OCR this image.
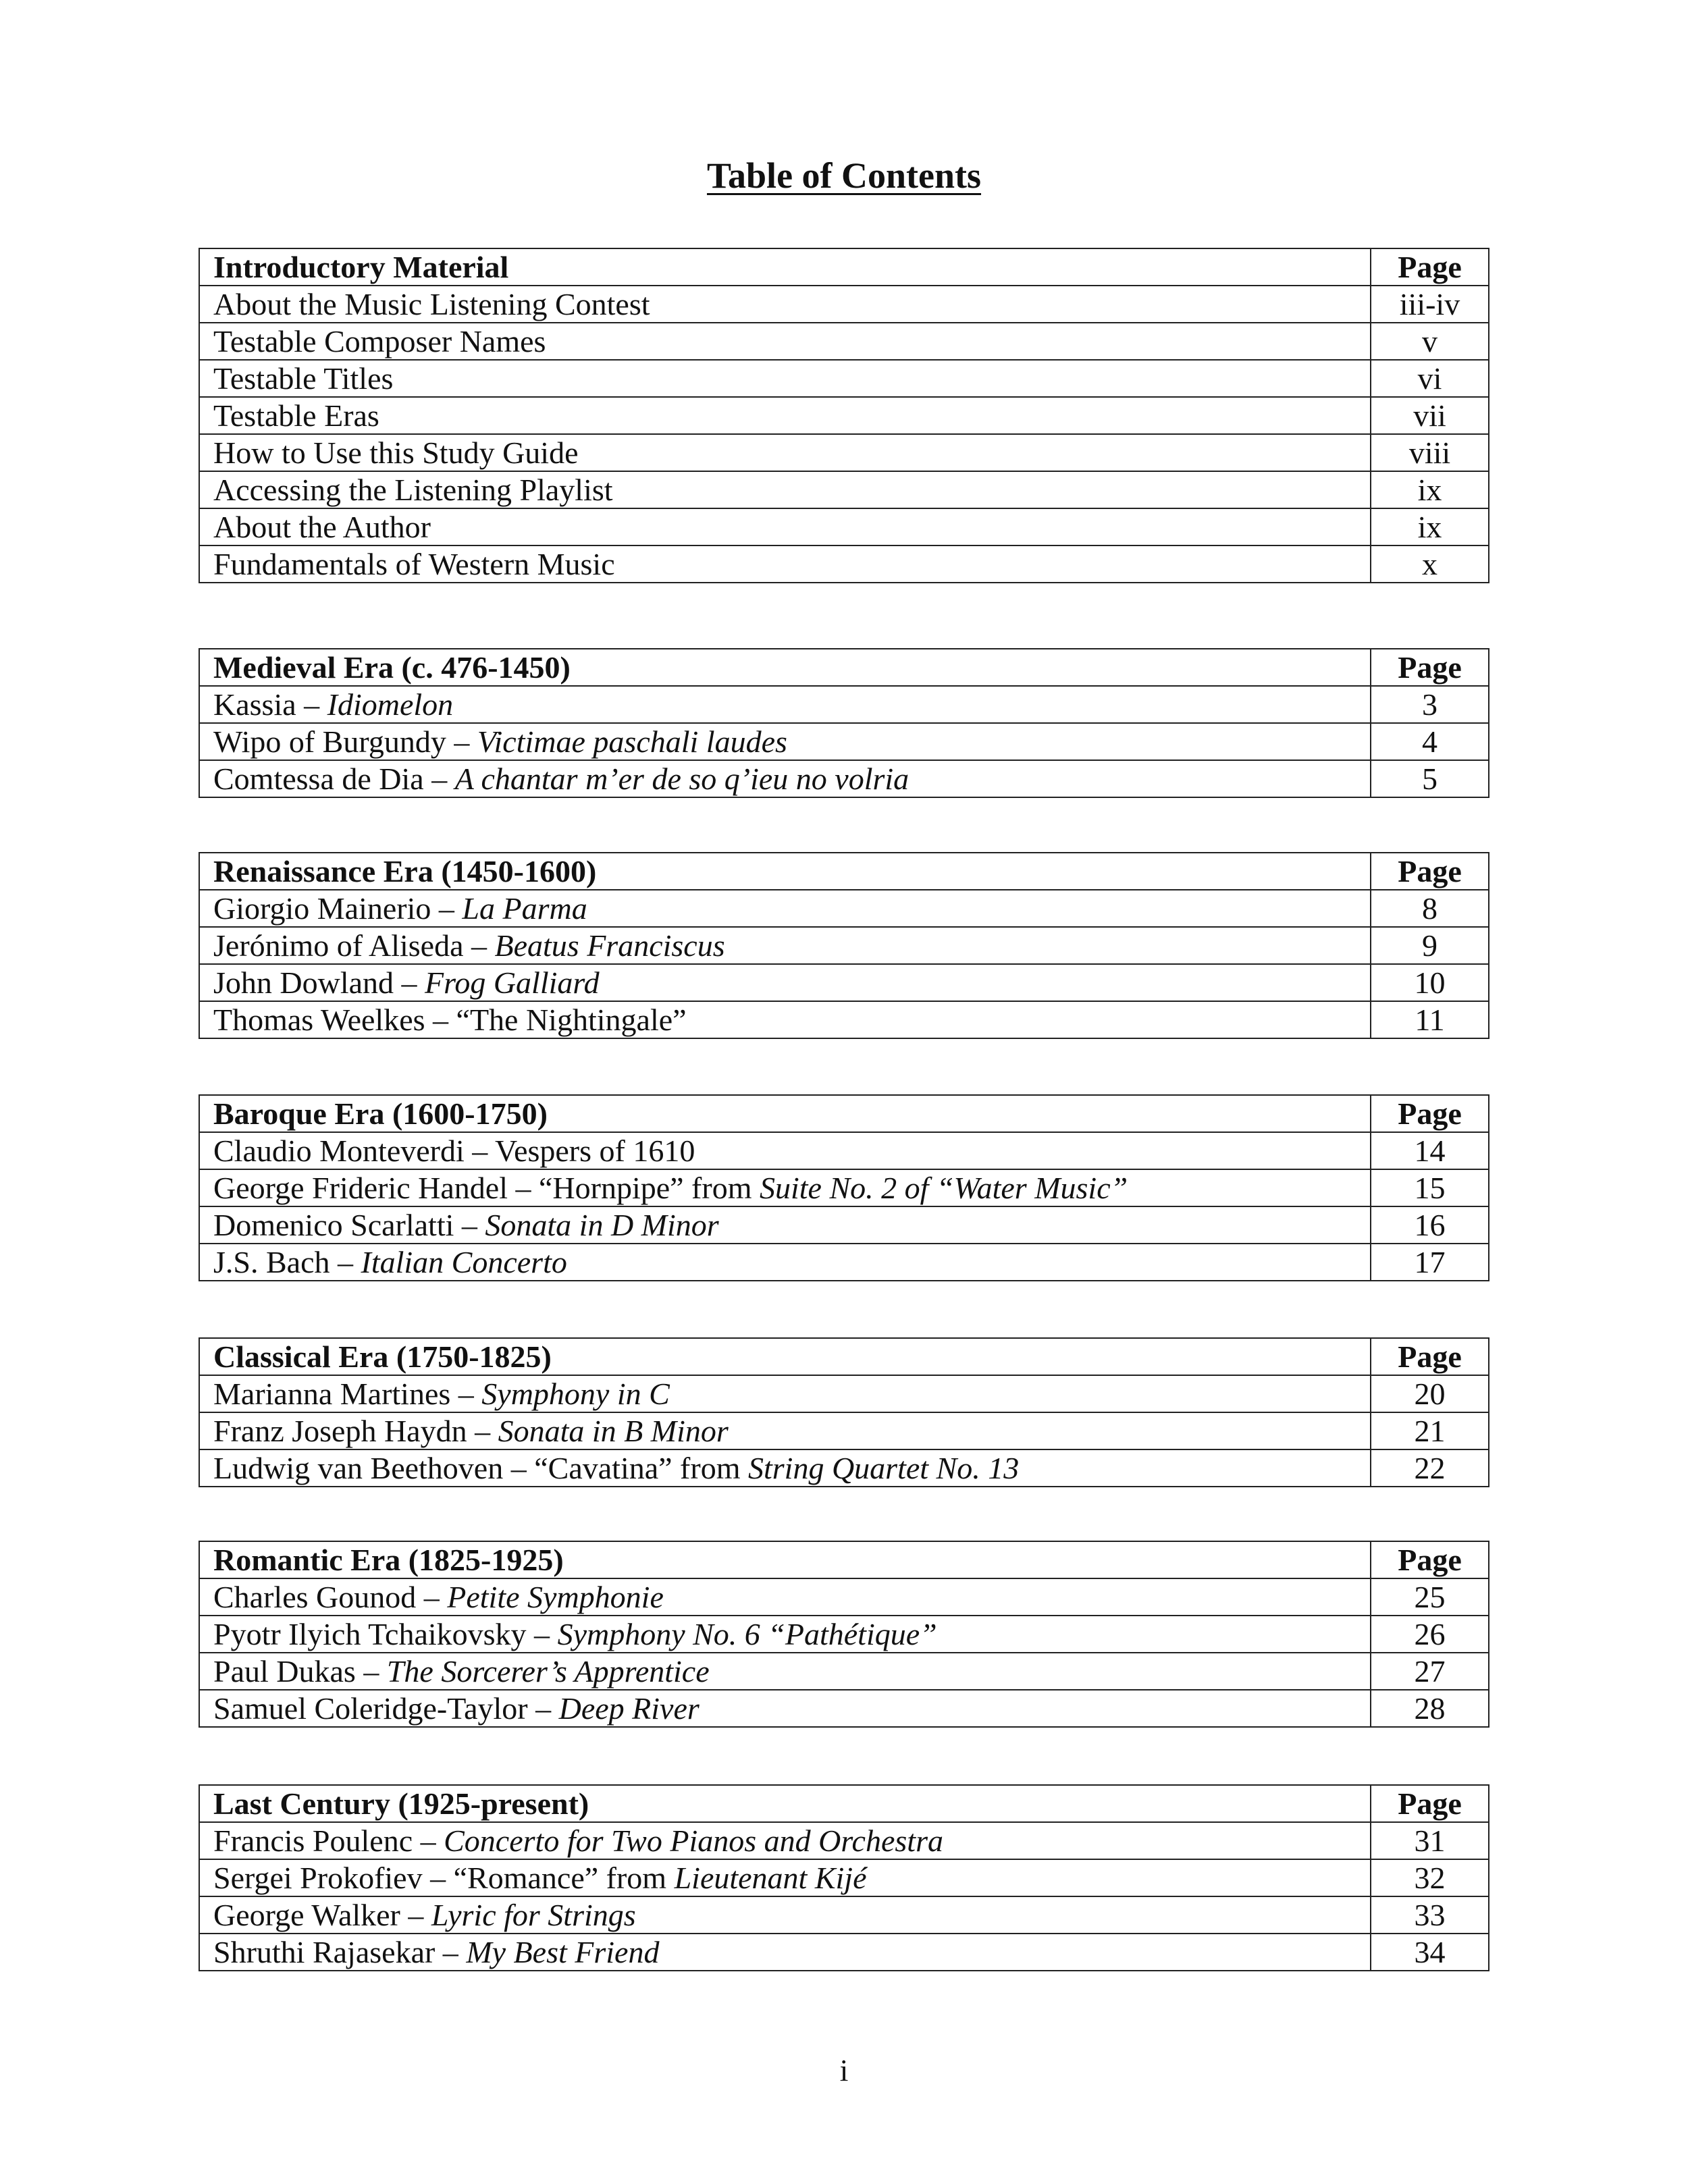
Table of Contents
Introductory Material	Page
About the Music Listening Contest	iii-iv
Testable Composer Names	v
Testable Titles	vi
Testable Eras	vii
How to Use this Study Guide	viii
Accessing the Listening Playlist	ix
About the Author	ix
Fundamentals of Western Music	x
Medieval Era (c. 476-1450)	Page
Kassia – Idiomelon	3
Wipo of Burgundy – Victimae paschali laudes	4
Comtessa de Dia – A chantar m’er de so q’ieu no volria	5
Renaissance Era (1450-1600)	Page
Giorgio Mainerio – La Parma	8
Jerónimo of Aliseda – Beatus Franciscus	9
John Dowland – Frog Galliard	10
Thomas Weelkes – “The Nightingale”	11
Baroque Era (1600-1750)	Page
Claudio Monteverdi – Vespers of 1610	14
George Frideric Handel – “Hornpipe” from Suite No. 2 of “Water Music”	15
Domenico Scarlatti – Sonata in D Minor	16
J.S. Bach – Italian Concerto	17
Classical Era (1750-1825)	Page
Marianna Martines – Symphony in C	20
Franz Joseph Haydn – Sonata in B Minor	21
Ludwig van Beethoven – “Cavatina” from String Quartet No. 13	22
Romantic Era (1825-1925)	Page
Charles Gounod – Petite Symphonie	25
Pyotr Ilyich Tchaikovsky – Symphony No. 6 “Pathétique”	26
Paul Dukas – The Sorcerer’s Apprentice	27
Samuel Coleridge-Taylor – Deep River	28
Last Century (1925-present)	Page
Francis Poulenc – Concerto for Two Pianos and Orchestra	31
Sergei Prokofiev – “Romance” from Lieutenant Kijé	32
George Walker – Lyric for Strings	33
Shruthi Rajasekar – My Best Friend	34
i
